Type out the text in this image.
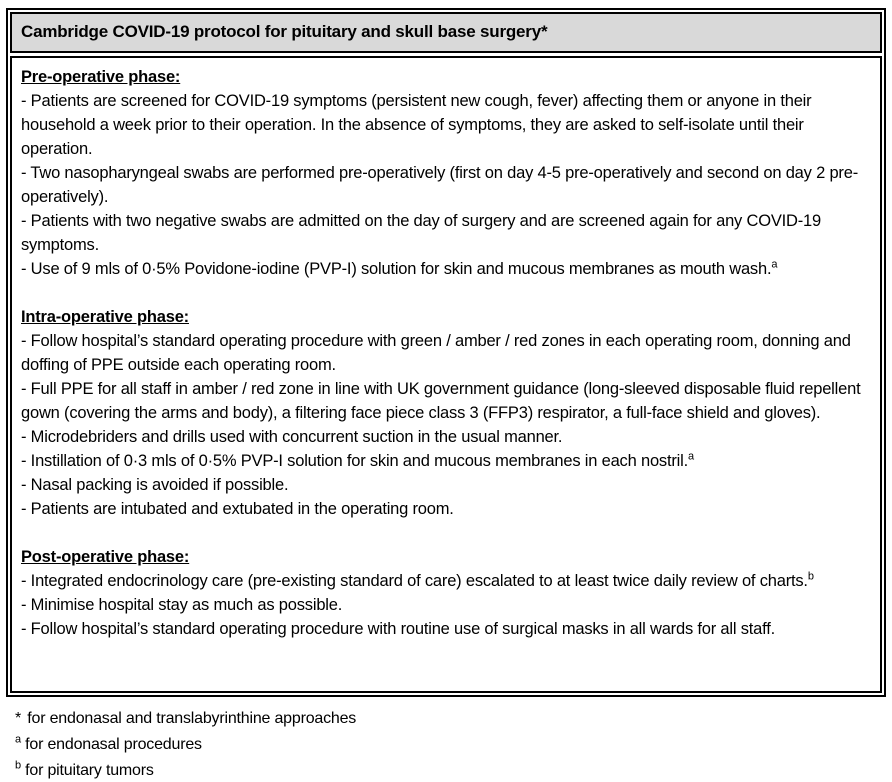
Cambridge COVID-19 protocol for pituitary and skull base surgery*
Pre-operative phase:
- Patients are screened for COVID-19 symptoms (persistent new cough, fever) affecting them or anyone in their household a week prior to their operation. In the absence of symptoms, they are asked to self-isolate until their operation.
- Two nasopharyngeal swabs are performed pre-operatively (first on day 4-5 pre-operatively and second on day 2 pre-operatively).
- Patients with two negative swabs are admitted on the day of surgery and are screened again for any COVID-19 symptoms.
- Use of 9 mls of 0·5% Povidone-iodine (PVP-I) solution for skin and mucous membranes as mouth wash.$^a$
Intra-operative phase:
- Follow hospital’s standard operating procedure with green / amber / red zones in each operating room, donning and doffing of PPE outside each operating room.
- Full PPE for all staff in amber / red zone in line with UK government guidance (long-sleeved disposable fluid repellent gown (covering the arms and body), a filtering face piece class 3 (FFP3) respirator, a full-face shield and gloves).
- Microdebriders and drills used with concurrent suction in the usual manner.
- Instillation of 0·3 mls of 0·5% PVP-I solution for skin and mucous membranes in each nostril.$^a$
- Nasal packing is avoided if possible.
- Patients are intubated and extubated in the operating room.
Post-operative phase:
- Integrated endocrinology care (pre-existing standard of care) escalated to at least twice daily review of charts.$^b$
- Minimise hospital stay as much as possible.
- Follow hospital’s standard operating procedure with routine use of surgical masks in all wards for all staff.
* for endonasal and translabyrinthine approaches
$^a$ for endonasal procedures
$^b$ for pituitary tumors
